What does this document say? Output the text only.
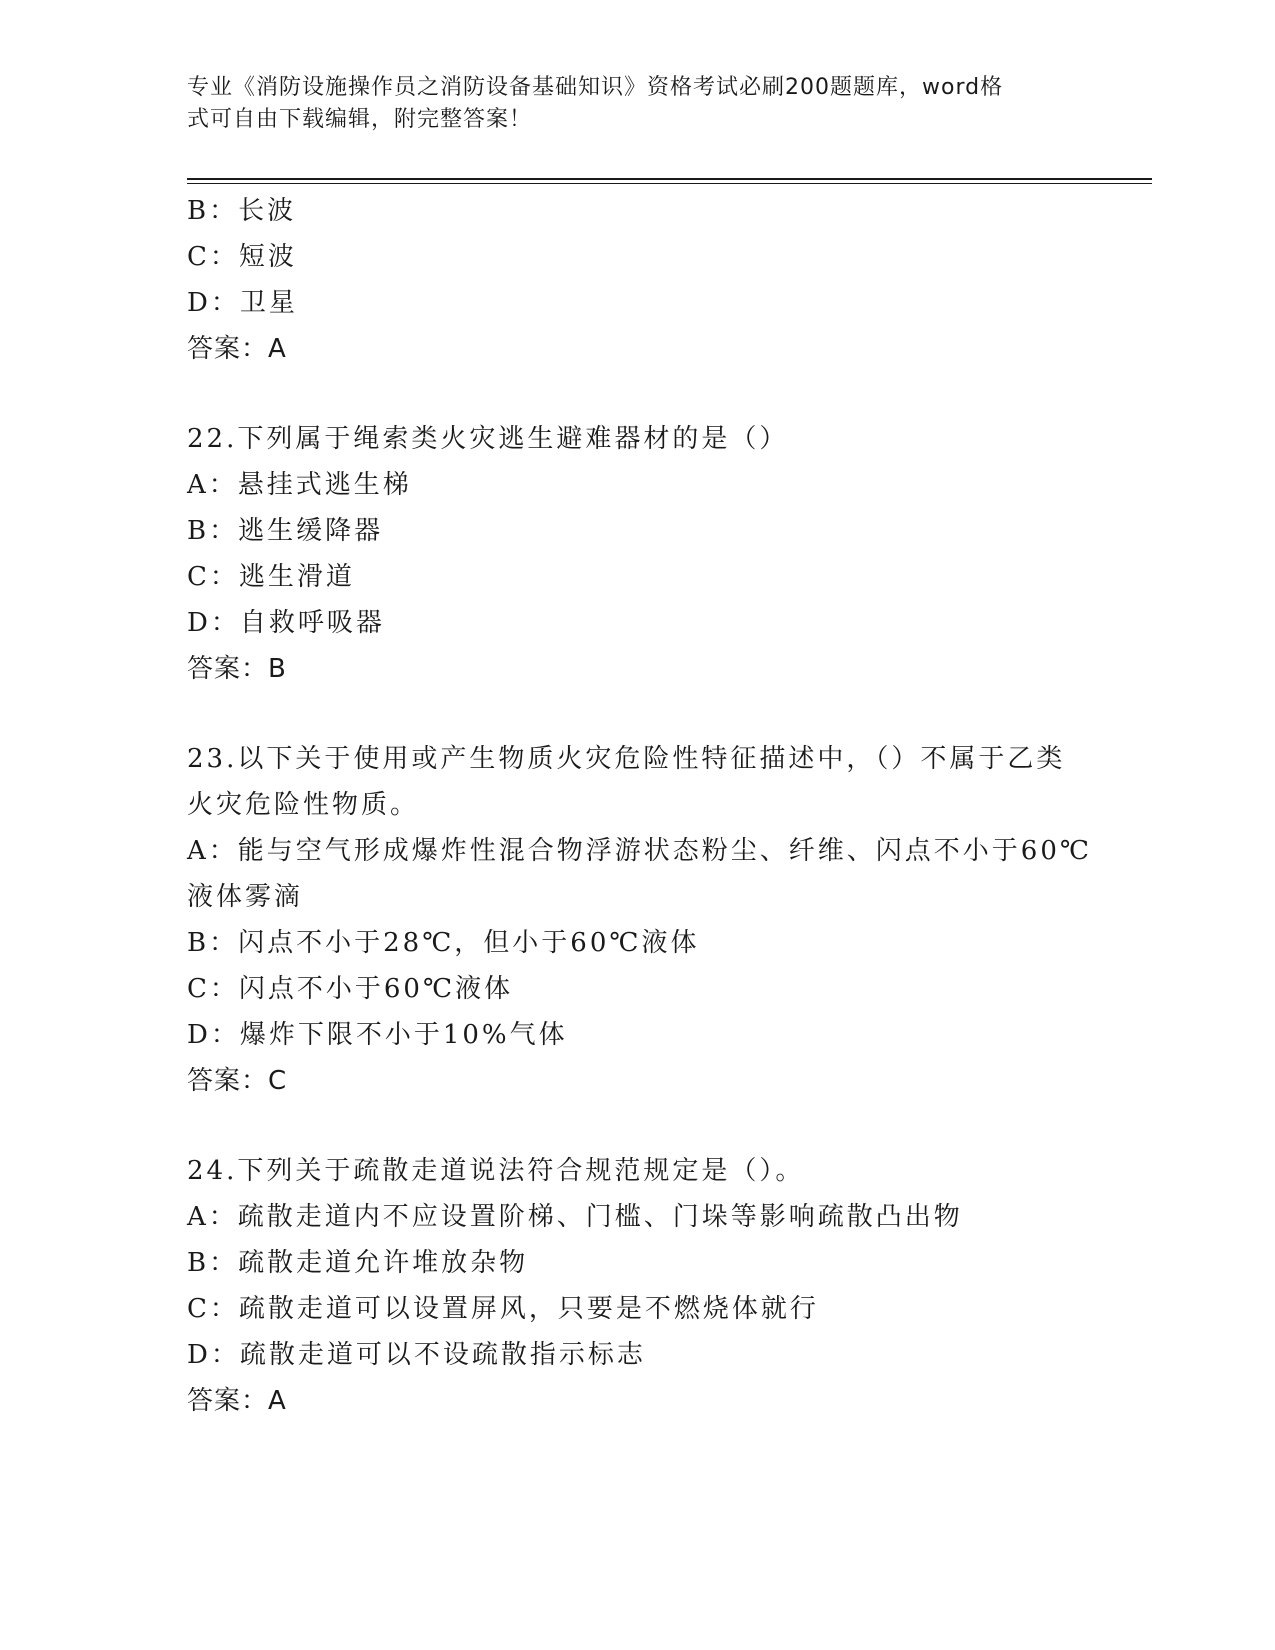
专业《消防设施操作员之消防设备基础知识》资格考试必刷200题题库，word格
式可自由下载编辑，附完整答案！
B：长波
C：短波
D：卫星
答案：A
22.下列属于绳索类火灾逃生避难器材的是（）
A：悬挂式逃生梯
B：逃生缓降器
C：逃生滑道
D：自救呼吸器
答案：B
23.以下关于使用或产生物质火灾危险性特征描述中，（）不属于乙类
火灾危险性物质。
A：能与空气形成爆炸性混合物浮游状态粉尘、纤维、闪点不小于60℃
液体雾滴
B：闪点不小于28℃，但小于60℃液体
C：闪点不小于60℃液体
D：爆炸下限不小于10%气体
答案：C
24.下列关于疏散走道说法符合规范规定是（）。
A：疏散走道内不应设置阶梯、门槛、门垛等影响疏散凸出物
B：疏散走道允许堆放杂物
C：疏散走道可以设置屏风，只要是不燃烧体就行
D：疏散走道可以不设疏散指示标志
答案：A
